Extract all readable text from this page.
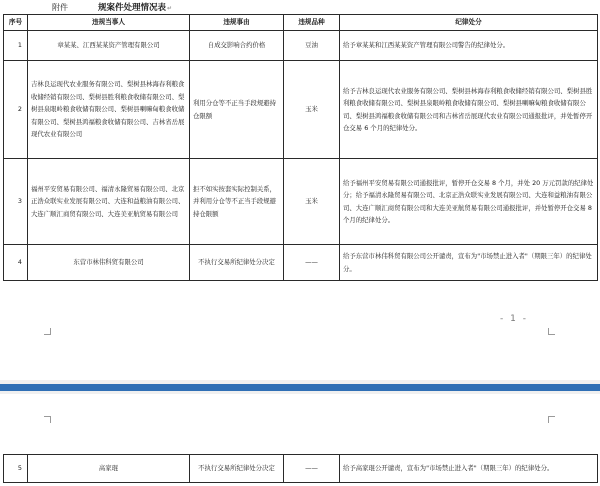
附件	规案件处理情况表↵
序号	违规当事人	违规事由	违规品种	纪律处分
1	章某某、江西某某资产管理有限公司	自成交影响合约价格	豆油	给予章某某和江西某某资产管理有限公司警告的纪律处分。
2	吉林良运现代农业服务有限公司、梨树县林海春利粮食收储经销有限公司、梨树县胜利粮食收储有限公司、梨树县泉眼岭粮食收储有限公司、梨树县喇嘛甸粮食收储有限公司、梨树县鸿福粮食收储有限公司、吉林省岳展现代农业有限公司	利用分仓等不正当手段规避持仓限额	玉米	给予吉林良运现代农业服务有限公司、梨树县林海春利粮食收储经销有限公司、梨树县胜利粮食收储有限公司、梨树县泉眼岭粮食收储有限公司、梨树县喇嘛甸粮食收储有限公司、梨树县鸿福粮食收储有限公司和吉林省岳展现代农业有限公司通报批评，并处暂停开仓交易 6 个月的纪律处分。
3	福州平安贸易有限公司、福清永隆贸易有限公司、北京正浩众联实业发展有限公司、大连和益粮油有限公司、大连广顺汇商贸有限公司、大连美亚航贸易有限公司	拒不如实按套实际控制关系，并利用分仓等不正当手段规避持仓限额	玉米	给予福州平安贸易有限公司通报批评，暂停开仓交易 8 个月，并处 20 万元罚款的纪律处分；给予福清永隆贸易有限公司、北京正浩众联实业发展有限公司、大连和益粮油有限公司、大连广顺汇商贸有限公司和大连美亚航贸易有限公司通报批评，并处暂停开仓交易 8 个月的纪律处分。
4	东营市林伟科贸有限公司	不执行交易所纪律处分决定	——	给予东营市林伟科贸有限公司公开谴责，宣布为"市场禁止进入者"（期限三年）的纪律处分。
- 1 -
5	高家琨	不执行交易所纪律处分决定	——	给予高家琨公开谴责，宣布为"市场禁止进入者"（期限三年）的纪律处分。
